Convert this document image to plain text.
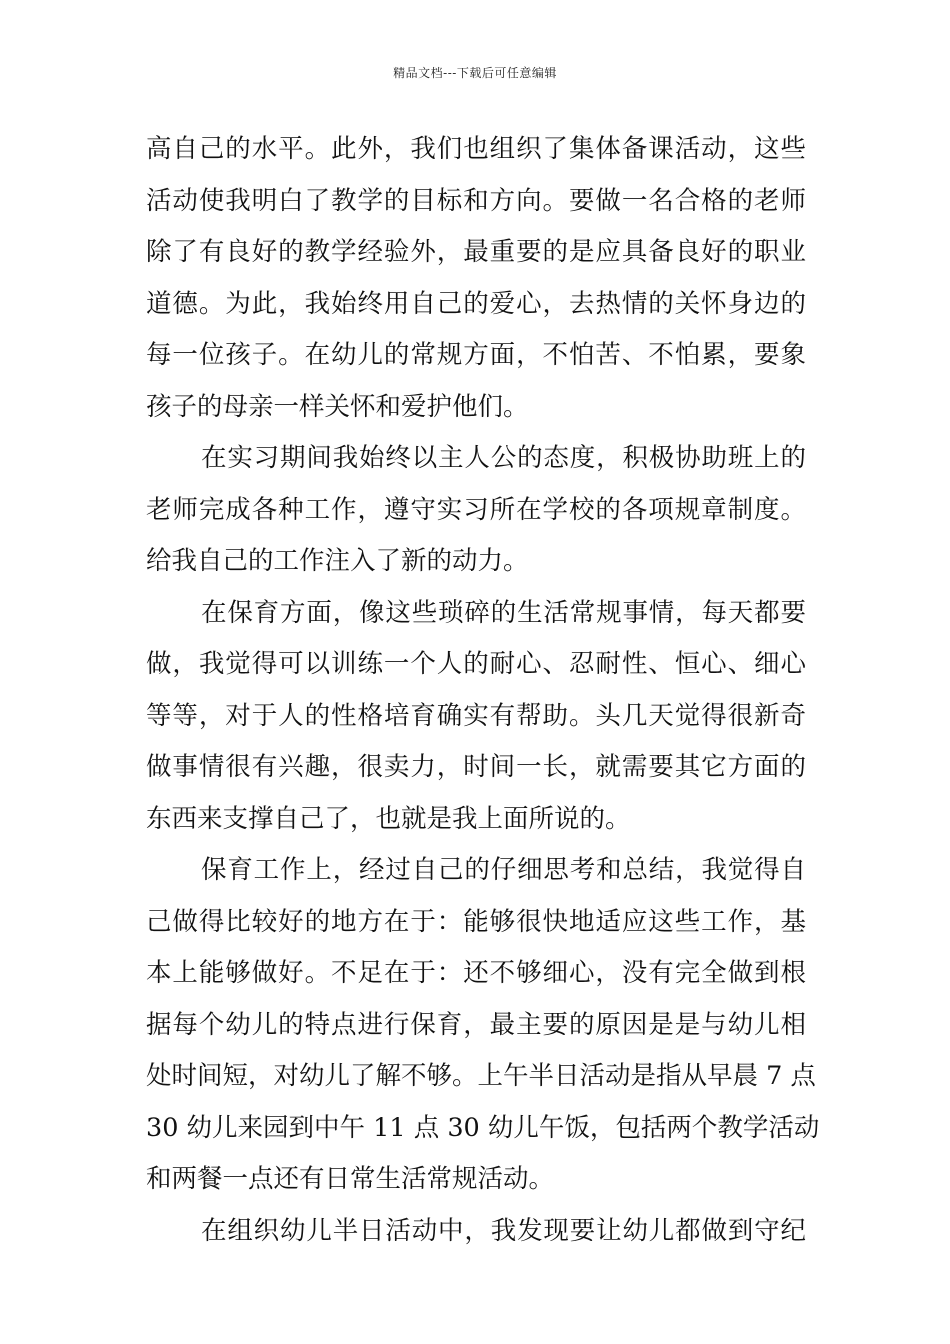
精品文档---下载后可任意编辑
高自己的水平。此外，我们也组织了集体备课活动，这些
活动使我明白了教学的目标和方向。要做一名合格的老师
除了有良好的教学经验外，最重要的是应具备良好的职业
道德。为此，我始终用自己的爱心，去热情的关怀身边的
每一位孩子。在幼儿的常规方面，不怕苦、不怕累，要象
孩子的母亲一样关怀和爱护他们。
在实习期间我始终以主人公的态度，积极协助班上的
老师完成各种工作，遵守实习所在学校的各项规章制度。
给我自己的工作注入了新的动力。
在保育方面，像这些琐碎的生活常规事情，每天都要
做，我觉得可以训练一个人的耐心、忍耐性、恒心、细心
等等，对于人的性格培育确实有帮助。头几天觉得很新奇
做事情很有兴趣，很卖力，时间一长，就需要其它方面的
东西来支撑自己了，也就是我上面所说的。
保育工作上，经过自己的仔细思考和总结，我觉得自
己做得比较好的地方在于：能够很快地适应这些工作，基
本上能够做好。不足在于：还不够细心，没有完全做到根
据每个幼儿的特点进行保育，最主要的原因是是与幼儿相
处时间短，对幼儿了解不够。上午半日活动是指从早晨 7 点
30 幼儿来园到中午 11 点 30 幼儿午饭，包括两个教学活动
和两餐一点还有日常生活常规活动。
在组织幼儿半日活动中，我发现要让幼儿都做到守纪
